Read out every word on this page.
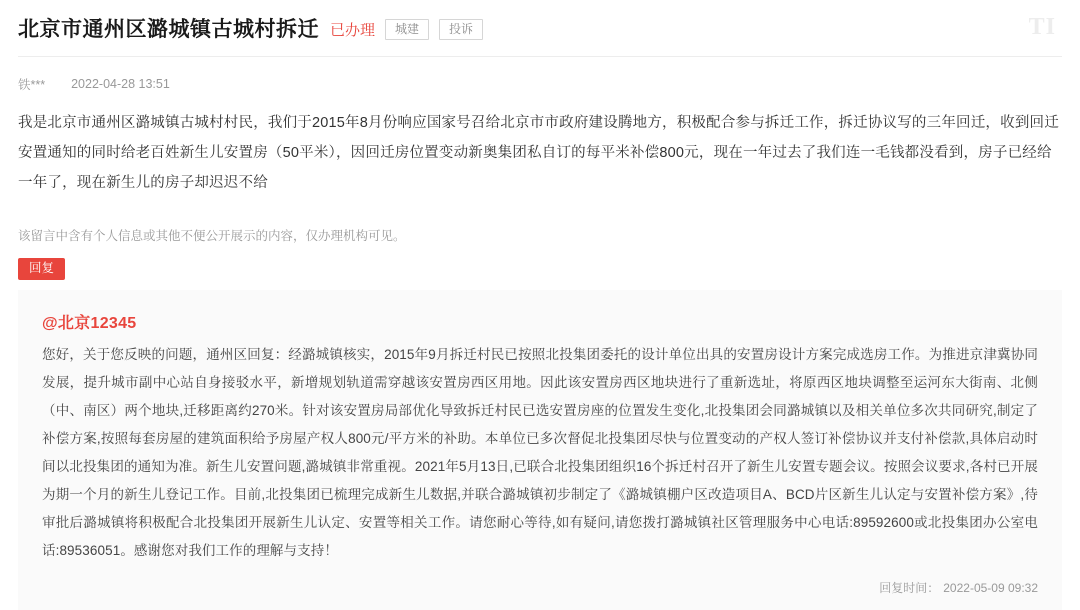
TI
北京市通州区潞城镇古城村拆迁 已办理	城建	投诉
铁*** 2022-04-28 13:51
我是北京市通州区潞城镇古城村村民，我们于2015年8月份响应国家号召给北京市市政府建设腾地方，积极配合参与拆迁工作，拆迁协议写的三年回迁，收到回迁安置通知的同时给老百姓新生儿安置房（50平米），因回迁房位置变动新奥集团私自订的每平米补偿800元，现在一年过去了我们连一毛钱都没看到，房子已经给一年了，现在新生儿的房子却迟迟不给
该留言中含有个人信息或其他不便公开展示的内容，仅办理机构可见。
回复
@北京12345
您好，关于您反映的问题，通州区回复：经潞城镇核实，2015年9月拆迁村民已按照北投集团委托的设计单位出具的安置房设计方案完成选房工作。为推进京津冀协同发展，提升城市副中心站自身接驳水平，新增规划轨道需穿越该安置房西区用地。因此该安置房西区地块进行了重新选址，将原西区地块调整至运河东大街南、北侧（中、南区）两个地块,迁移距离约270米。针对该安置房局部优化导致拆迁村民已选安置房座的位置发生变化,北投集团会同潞城镇以及相关单位多次共同研究,制定了补偿方案,按照每套房屋的建筑面积给予房屋产权人800元/平方米的补助。本单位已多次督促北投集团尽快与位置变动的产权人签订补偿协议并支付补偿款,具体启动时间以北投集团的通知为准。新生儿安置问题,潞城镇非常重视。2021年5月13日,已联合北投集团组织16个拆迁村召开了新生儿安置专题会议。按照会议要求,各村已开展为期一个月的新生儿登记工作。目前,北投集团已梳理完成新生儿数据,并联合潞城镇初步制定了《潞城镇棚户区改造项目A、BCD片区新生儿认定与安置补偿方案》,待审批后潞城镇将积极配合北投集团开展新生儿认定、安置等相关工作。请您耐心等待,如有疑问,请您拨打潞城镇社区管理服务中心电话:89592600或北投集团办公室电话:89536051。感谢您对我们工作的理解与支持！
回复时间： 2022-05-09 09:32
